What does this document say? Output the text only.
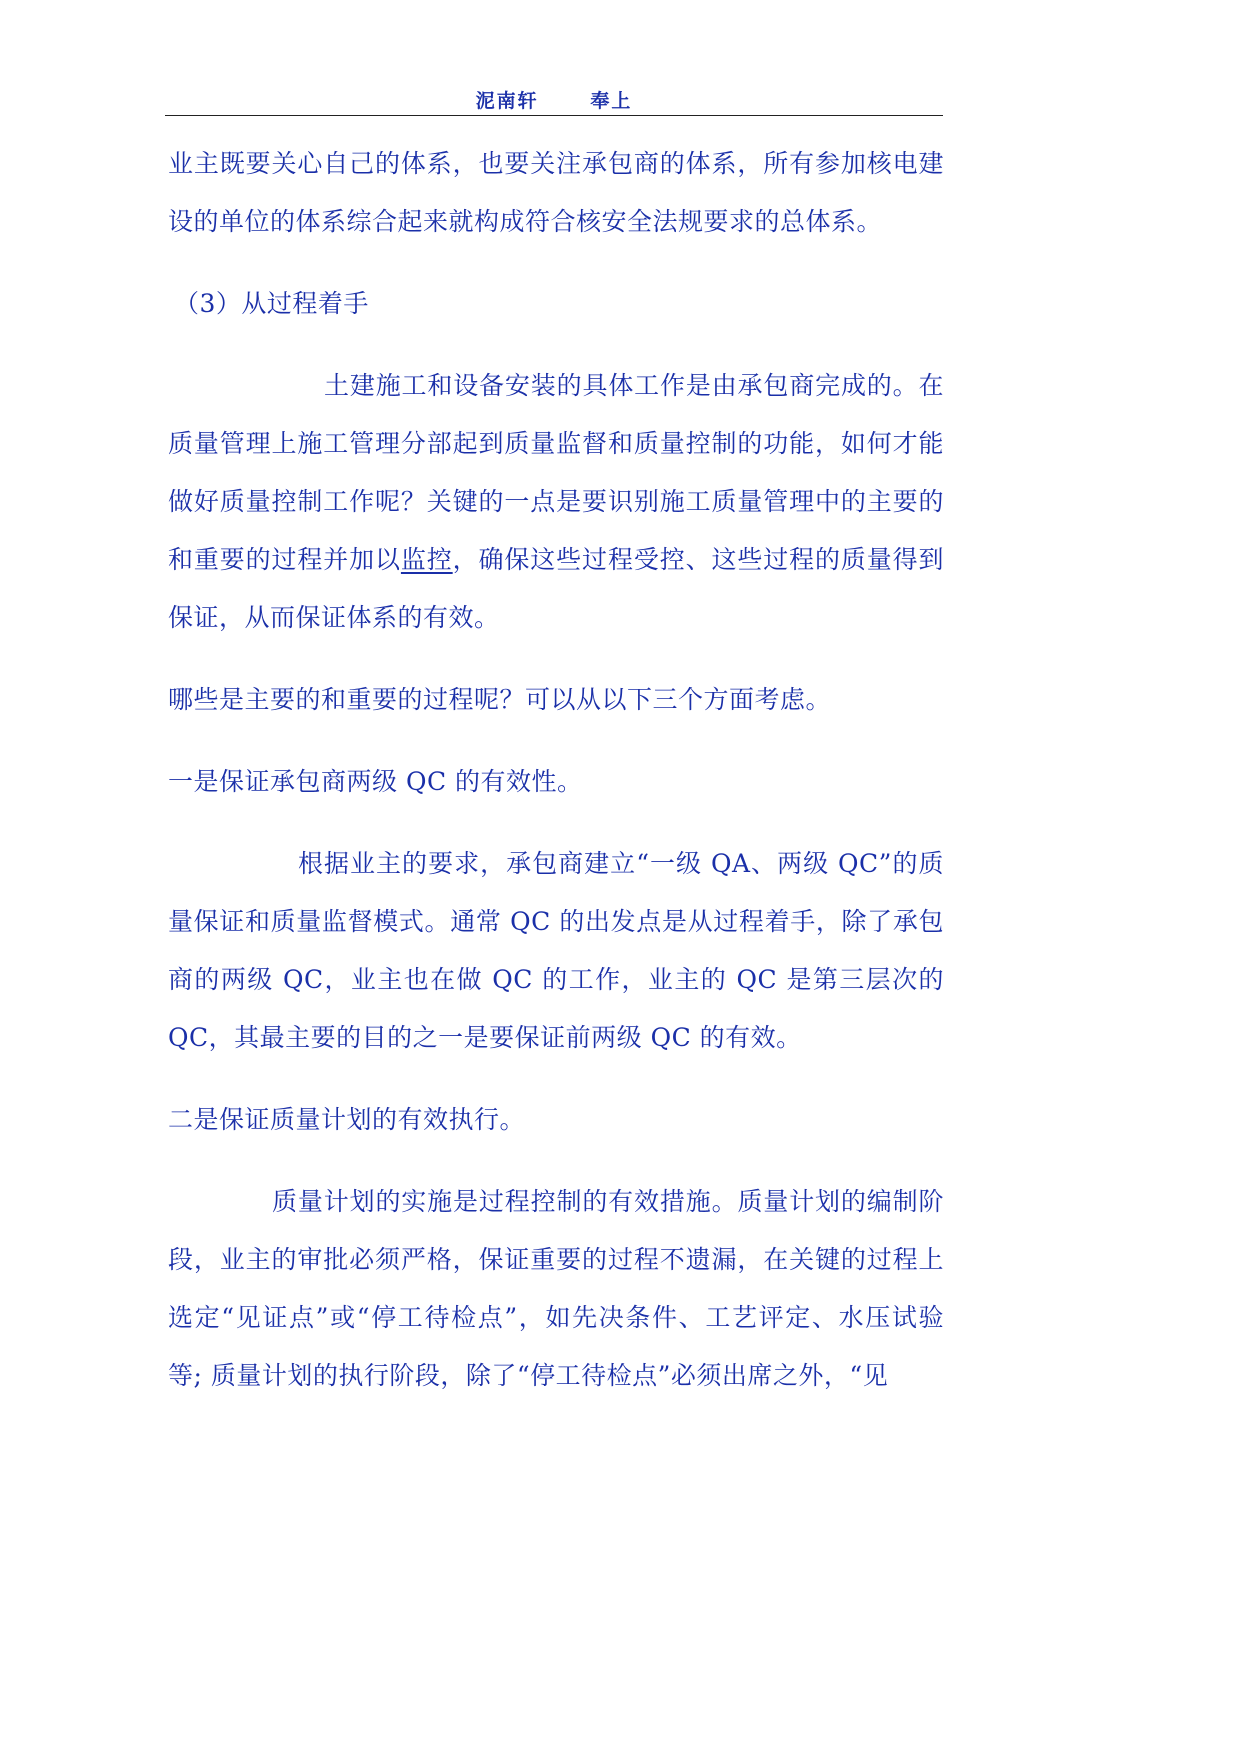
泥南轩	奉上

业主既要关心自己的体系，也要关注承包商的体系，所有参加核电建设的单位的体系综合起来就构成符合核安全法规要求的总体系。

（3）从过程着手

土建施工和设备安装的具体工作是由承包商完成的。在质量管理上施工管理分部起到质量监督和质量控制的功能，如何才能做好质量控制工作呢？关键的一点是要识别施工质量管理中的主要的和重要的过程并加以监控，确保这些过程受控、这些过程的质量得到保证，从而保证体系的有效。

哪些是主要的和重要的过程呢？可以从以下三个方面考虑。

一是保证承包商两级 QC 的有效性。

根据业主的要求，承包商建立“一级 QA、两级 QC”的质量保证和质量监督模式。通常 QC 的出发点是从过程着手，除了承包商的两级 QC，业主也在做 QC 的工作，业主的 QC 是第三层次的 QC，其最主要的目的之一是要保证前两级 QC 的有效。

二是保证质量计划的有效执行。

质量计划的实施是过程控制的有效措施。质量计划的编制阶段，业主的审批必须严格，保证重要的过程不遗漏，在关键的过程上选定“见证点”或“停工待检点”，如先决条件、工艺评定、水压试验等; 质量计划的执行阶段，除了“停工待检点”必须出席之外，“见
